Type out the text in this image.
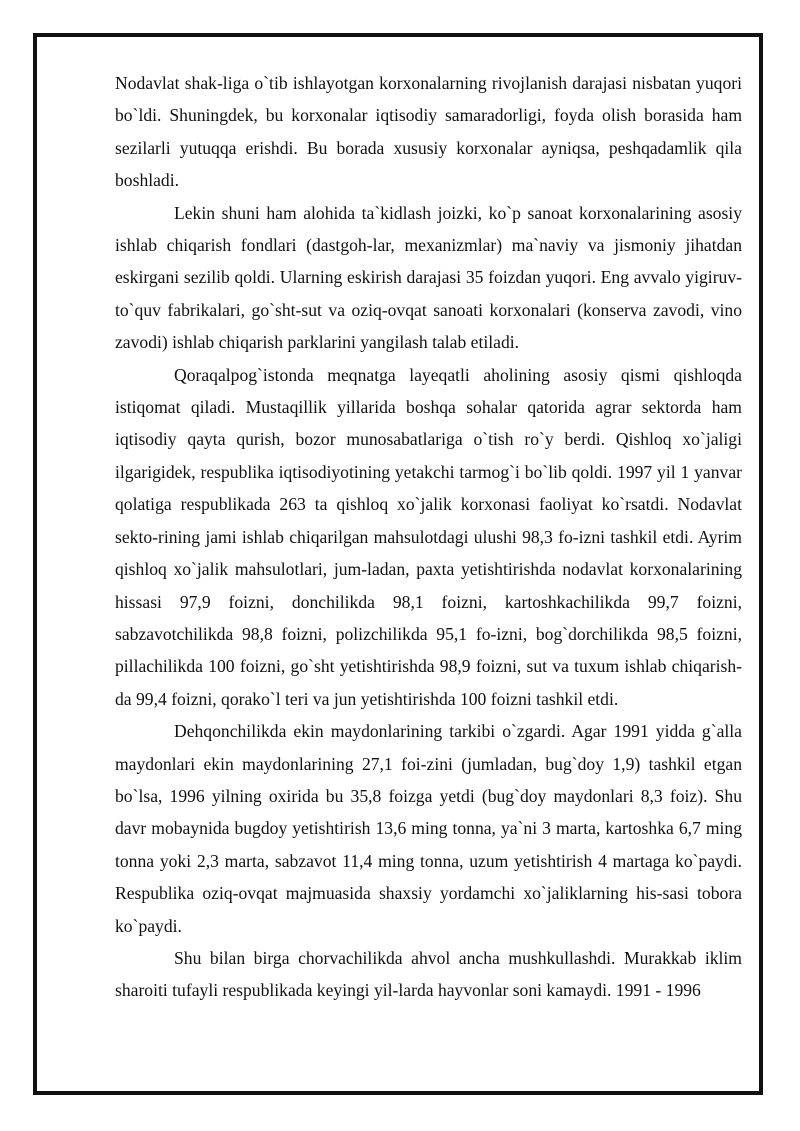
Nodavlat shak-liga o`tib ishlayotgan korxonalarning rivojlanish darajasi nisbatan yuqori bo`ldi. Shuningdek, bu korxonalar iqtisodiy samaradorligi, foyda olish borasida ham sezilarli yutuqqa erishdi. Bu borada xususiy korxonalar ayniqsa, peshqadamlik qila boshladi.

Lekin shuni ham alohida ta`kidlash joizki, ko`p sanoat korxonalarining asosiy ishlab chiqarish fondlari (dastgoh-lar, mexanizmlar) ma`naviy va jismoniy jihatdan eskirgani sezilib qoldi. Ularning eskirish darajasi 35 foizdan yuqori. Eng avvalo yigiruv-to`quv fabrikalari, go`sht-sut va oziq-ovqat sanoati korxonalari (konserva zavodi, vino zavodi) ishlab chiqarish parklarini yangilash talab etiladi.

Qoraqalpog`istonda meqnatga layeqatli aholining asosiy qismi qishloqda istiqomat qiladi. Mustaqillik yillarida boshqa sohalar qatorida agrar sektorda ham iqtisodiy qayta qurish, bozor munosabatlariga o`tish ro`y berdi. Qishloq xo`jaligi ilgarigidek, respublika iqtisodiyotining yetakchi tarmog`i bo`lib qoldi. 1997 yil 1 yanvar qolatiga respublikada 263 ta qishloq xo`jalik korxonasi faoliyat ko`rsatdi. Nodavlat sekto-rining jami ishlab chiqarilgan mahsulotdagi ulushi 98,3 fo-izni tashkil etdi. Ayrim qishloq xo`jalik mahsulotlari, jum-ladan, paxta yetishtirishda nodavlat korxonalarining hissasi 97,9 foizni, donchilikda 98,1 foizni, kartoshkachilikda 99,7 foizni, sabzavotchilikda 98,8 foizni, polizchilikda 95,1 fo-izni, bog`dorchilikda 98,5 foizni, pillachilikda 100 foizni, go`sht yetishtirishda 98,9 foizni, sut va tuxum ishlab chiqarish-da 99,4 foizni, qorako`l teri va jun yetishtirishda 100 foizni tashkil etdi.

Dehqonchilikda ekin maydonlarining tarkibi o`zgardi. Agar 1991 yidda g`alla maydonlari ekin maydonlarining 27,1 foi-zini (jumladan, bug`doy 1,9) tashkil etgan bo`lsa, 1996 yilning oxirida bu 35,8 foizga yetdi (bug`doy maydonlari 8,3 foiz). Shu davr mobaynida bugdoy yetishtirish 13,6 ming tonna, ya`ni 3 marta, kartoshka 6,7 ming tonna yoki 2,3 marta, sabzavot 11,4 ming tonna, uzum yetishtirish 4 martaga ko`paydi. Respublika oziq-ovqat majmuasida shaxsiy yordamchi xo`jaliklarning his-sasi tobora ko`paydi.

Shu bilan birga chorvachilikda ahvol ancha mushkullashdi. Murakkab iklim sharoiti tufayli respublikada keyingi yil-larda hayvonlar soni kamaydi. 1991 - 1996
